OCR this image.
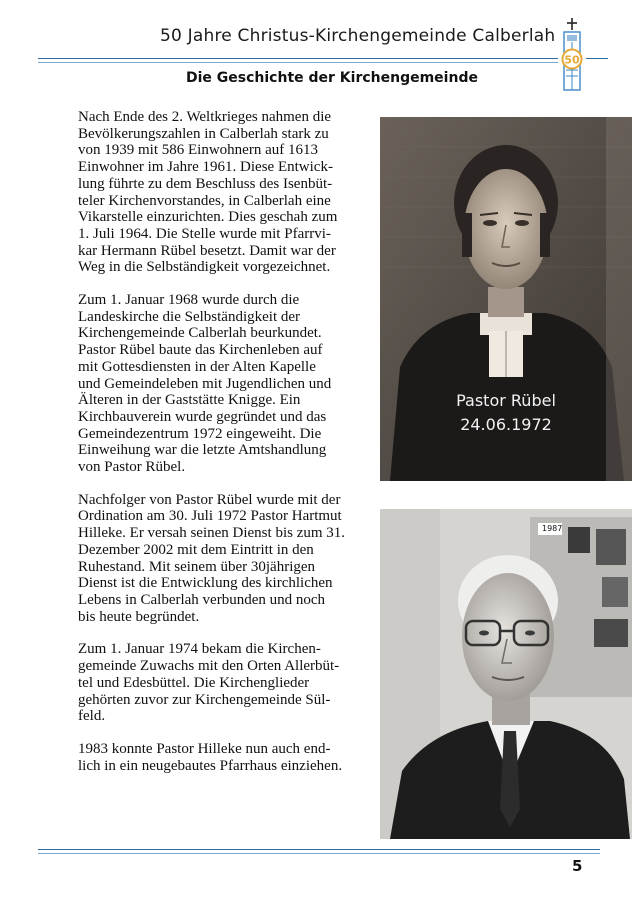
50 Jahre Christus-Kirchengemeinde Calberlah
50
Die Geschichte der Kirchengemeinde

Nach Ende des 2. Weltkrieges nahmen die
Bevölkerungszahlen in Calberlah stark zu
von 1939 mit 586 Einwohnern auf 1613
Einwohner im Jahre 1961. Diese Entwick-
lung führte zu dem Beschluss des Isenbüt-
teler Kirchenvorstandes, in Calberlah eine
Vikarstelle einzurichten. Dies geschah zum
1. Juli 1964. Die Stelle wurde mit Pfarrvi-
kar Hermann Rübel besetzt. Damit war der
Weg in die Selbständigkeit vorgezeichnet.

Zum 1. Januar 1968 wurde durch die
Landeskirche die Selbständigkeit der
Kirchengemeinde Calberlah beurkundet.
Pastor Rübel baute das Kirchenleben auf
mit Gottesdiensten in der Alten Kapelle
und Gemeindeleben mit Jugendlichen und
Älteren in der Gaststätte Knigge. Ein
Kirchbauverein wurde gegründet und das
Gemeindezentrum 1972 eingeweiht. Die
Einweihung war die letzte Amtshandlung
von Pastor Rübel.

Nachfolger von Pastor Rübel wurde mit der
Ordination am 30. Juli 1972 Pastor Hartmut
Hilleke. Er versah seinen Dienst bis zum 31.
Dezember 2002 mit dem Eintritt in den
Ruhestand. Mit seinem über 30jährigen
Dienst ist die Entwicklung des kirchlichen
Lebens in Calberlah verbunden und noch
bis heute begründet.

Zum 1. Januar 1974 bekam die Kirchen-
gemeinde Zuwachs mit den Orten Allerbüt-
tel und Edesbüttel. Die Kirchenglieder
gehörten zuvor zur Kirchengemeinde Sül-
feld.

1983 konnte Pastor Hilleke nun auch end-
lich in ein neugebautes Pfarrhaus einziehen.

Pastor Rübel
24.06.1972
1987
5
